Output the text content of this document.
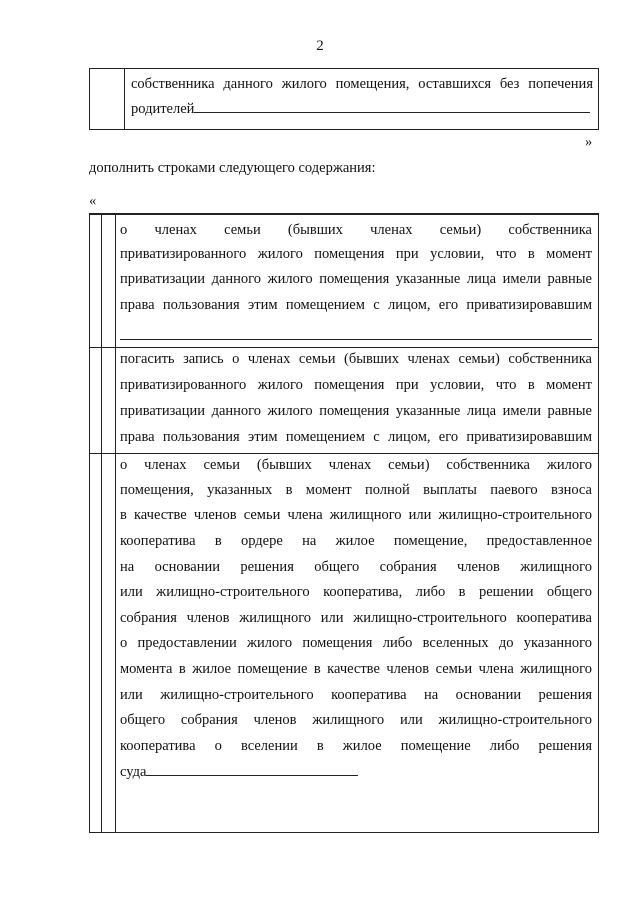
2
собственника данного жилого помещения, оставшихся без попечения
родителей
»
дополнить строками следующего содержания:
«
о членах семьи (бывших членах семьи) собственника
приватизированного жилого помещения при условии, что в момент
приватизации данного жилого помещения указанные лица имели равные
права пользования этим помещением с лицом, его приватизировавшим
погасить запись о членах семьи (бывших членах семьи) собственника
приватизированного жилого помещения при условии, что в момент
приватизации данного жилого помещения указанные лица имели равные
права пользования этим помещением с лицом, его приватизировавшим
о членах семьи (бывших членах семьи) собственника жилого
помещения, указанных в момент полной выплаты паевого взноса
в качестве членов семьи члена жилищного или жилищно-строительного
кооператива в ордере на жилое помещение, предоставленное
на основании решения общего собрания членов жилищного
или жилищно-строительного кооператива, либо в решении общего
собрания членов жилищного или жилищно-строительного кооператива
о предоставлении жилого помещения либо вселенных до указанного
момента в жилое помещение в качестве членов семьи члена жилищного
или жилищно-строительного кооператива на основании решения
общего собрания членов жилищного или жилищно-строительного
кооператива о вселении в жилое помещение либо решения
суда
